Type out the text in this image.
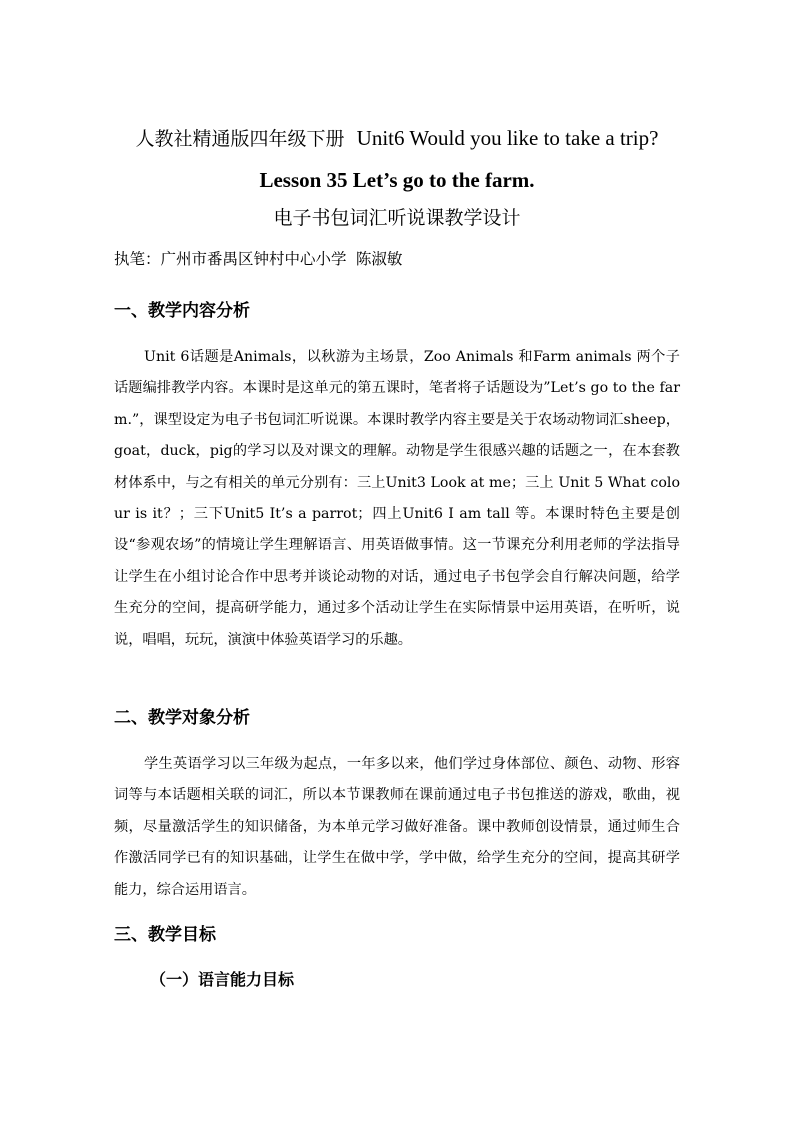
人教社精通版四年级下册 Unit6 Would you like to take a trip?
Lesson 35 Let’s go to the farm.
电子书包词汇听说课教学设计
执笔：广州市番禺区钟村中心小学 陈淑敏
一、教学内容分析
Unit 6话题是Animals，以秋游为主场景，Zoo Animals 和Farm animals 两个子话题编排教学内容。本课时是这单元的第五课时，笔者将子话题设为”Let’s go to the farm.”，课型设定为电子书包词汇听说课。本课时教学内容主要是关于农场动物词汇sheep，goat，duck，pig的学习以及对课文的理解。动物是学生很感兴趣的话题之一，在本套教材体系中，与之有相关的单元分别有：三上Unit3 Look at me；三上 Unit 5 What colour is it？；三下Unit5 It’s a parrot；四上Unit6 I am tall 等。本课时特色主要是创设“参观农场”的情境让学生理解语言、用英语做事情。这一节课充分利用老师的学法指导让学生在小组讨论合作中思考并谈论动物的对话，通过电子书包学会自行解决问题，给学生充分的空间，提高研学能力，通过多个活动让学生在实际情景中运用英语，在听听，说说，唱唱，玩玩，演演中体验英语学习的乐趣。
二、教学对象分析
学生英语学习以三年级为起点，一年多以来，他们学过身体部位、颜色、动物、形容词等与本话题相关联的词汇，所以本节课教师在课前通过电子书包推送的游戏，歌曲，视频，尽量激活学生的知识储备，为本单元学习做好准备。课中教师创设情景，通过师生合作激活同学已有的知识基础，让学生在做中学，学中做，给学生充分的空间，提高其研学能力，综合运用语言。
三、教学目标
（一）语言能力目标
